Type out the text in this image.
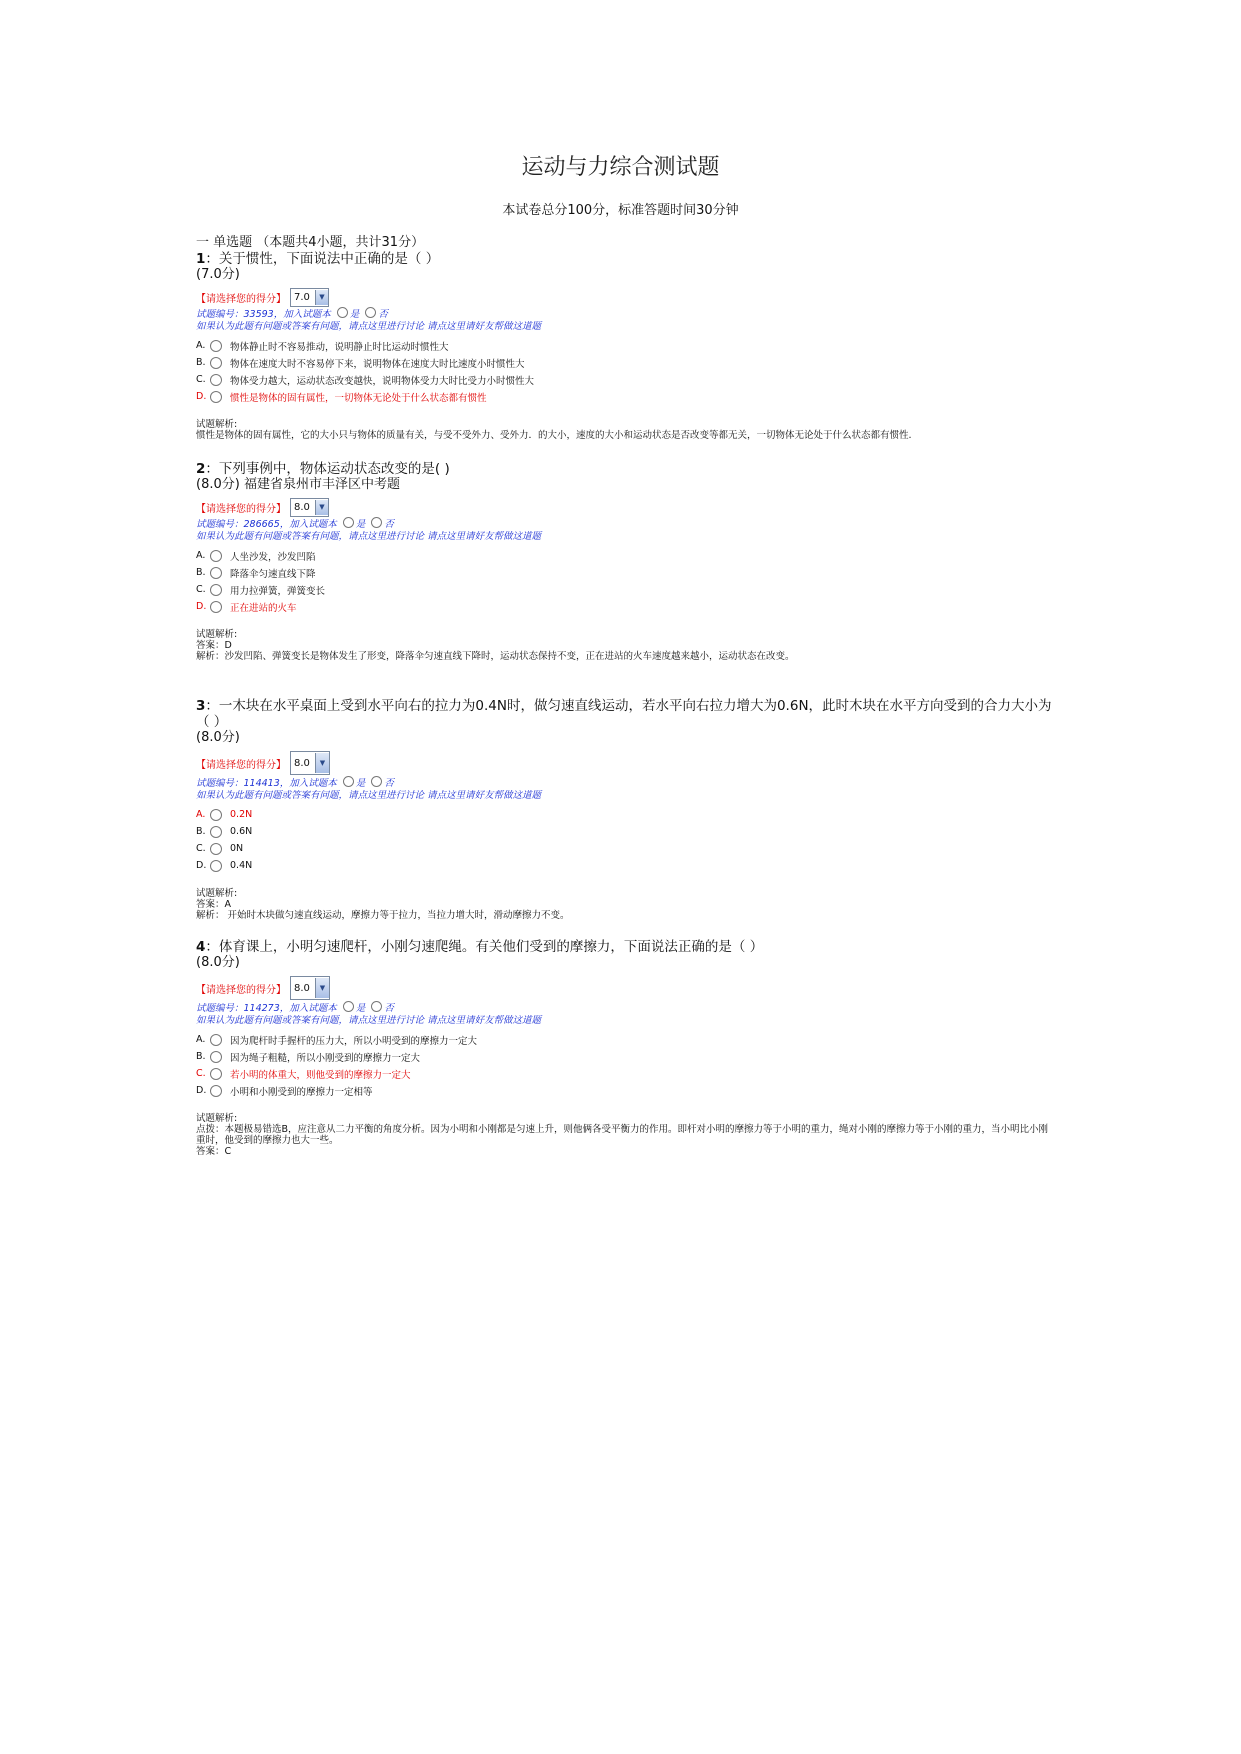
运动与力综合测试题
本试卷总分100分，标准答题时间30分钟
一 单选题 （本题共4小题，共计31分）
1：关于惯性，下面说法中正确的是（ ）
(7.0分)
【请选择您的得分】 7.0	▼
试题编号：33593，加入试题本 是 否
如果认为此题有问题或答案有问题，请点这里进行讨论 请点这里请好友帮做这道题
A.	物体静止时不容易推动，说明静止时比运动时惯性大
B.	物体在速度大时不容易停下来，说明物体在速度大时比速度小时惯性大
C.	物体受力越大，运动状态改变越快，说明物体受力大时比受力小时惯性大
D.	惯性是物体的固有属性，一切物体无论处于什么状态都有惯性
试题解析:
惯性是物体的固有属性，它的大小只与物体的质量有关，与受不受外力、受外力．的大小，速度的大小和运动状态是否改变等都无关，一切物体无论处于什么状态都有惯性.
2：下列事例中，物体运动状态改变的是( )
(8.0分) 福建省泉州市丰泽区中考题
【请选择您的得分】 8.0	▼
试题编号：286665，加入试题本 是 否
如果认为此题有问题或答案有问题，请点这里进行讨论 请点这里请好友帮做这道题
A.	人坐沙发，沙发凹陷
B.	降落伞匀速直线下降
C.	用力拉弹簧，弹簧变长
D.	正在进站的火车
试题解析:
答案：D
解析：沙发凹陷、弹簧变长是物体发生了形变，降落伞匀速直线下降时，运动状态保持不变，正在进站的火车速度越来越小，运动状态在改变。
3：一木块在水平桌面上受到水平向右的拉力为0.4N时，做匀速直线运动，若水平向右拉力增大为0.6N，此时木块在水平方向受到的合力大小为（ ）
(8.0分)
【请选择您的得分】 8.0	▼
试题编号：114413，加入试题本 是 否
如果认为此题有问题或答案有问题，请点这里进行讨论 请点这里请好友帮做这道题
A.	0.2N
B.	0.6N
C.	0N
D.	0.4N
试题解析:
答案：A
解析： 开始时木块做匀速直线运动，摩擦力等于拉力，当拉力增大时，滑动摩擦力不变。
4：体育课上，小明匀速爬杆，小刚匀速爬绳。有关他们受到的摩擦力，下面说法正确的是（ ）
(8.0分)
【请选择您的得分】 8.0	▼
试题编号：114273，加入试题本 是 否
如果认为此题有问题或答案有问题，请点这里进行讨论 请点这里请好友帮做这道题
A.	因为爬杆时手握杆的压力大，所以小明受到的摩擦力一定大
B.	因为绳子粗糙，所以小刚受到的摩擦力一定大
C.	若小明的体重大，则他受到的摩擦力一定大
D.	小明和小刚受到的摩擦力一定相等
试题解析:
点拨：本题极易错选B，应注意从二力平衡的角度分析。因为小明和小刚都是匀速上升，则他俩各受平衡力的作用。即杆对小明的摩擦力等于小明的重力，绳对小刚的摩擦力等于小刚的重力，当小明比小刚重时，他受到的摩擦力也大一些。
答案：C
